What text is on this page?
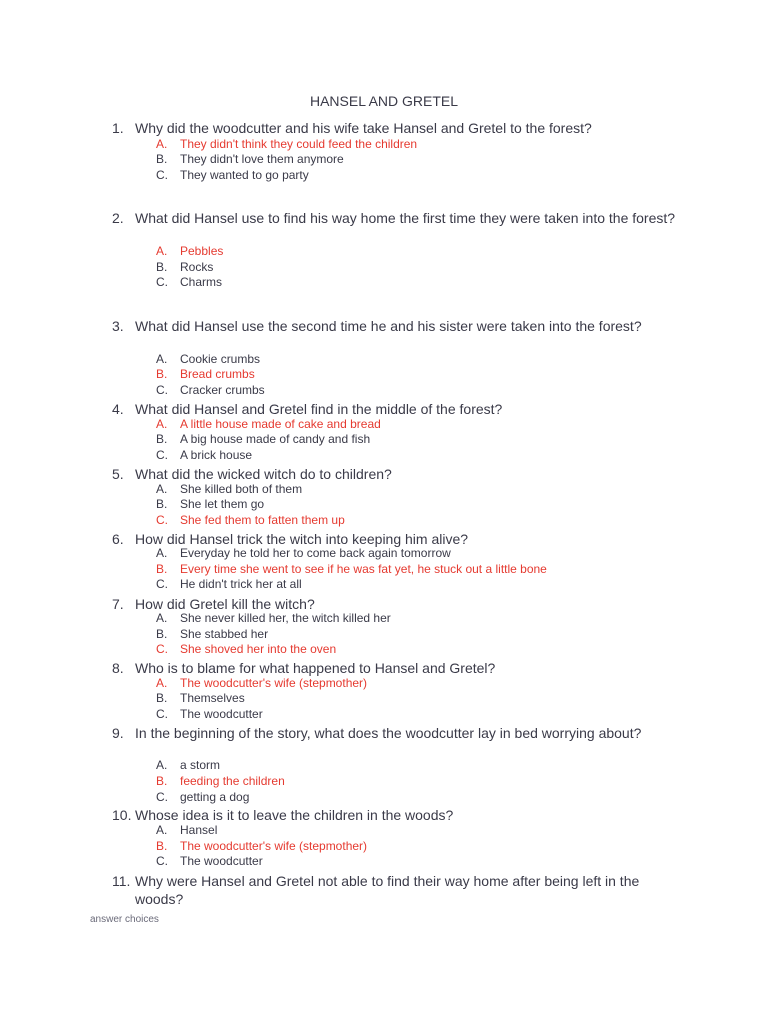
HANSEL AND GRETEL
1. Why did the woodcutter and his wife take Hansel and Gretel to the forest?
A. They didn't think they could feed the children
B. They didn't love them anymore
C. They wanted to go party
2. What did Hansel use to find his way home the first time they were taken into the forest?
A. Pebbles
B. Rocks
C. Charms
3. What did Hansel use the second time he and his sister were taken into the forest?
A. Cookie crumbs
B. Bread crumbs
C. Cracker crumbs
4. What did Hansel and Gretel find in the middle of the forest?
A. A little house made of cake and bread
B. A big house made of candy and fish
C. A brick house
5. What did the wicked witch do to children?
A. She killed both of them
B. She let them go
C. She fed them to fatten them up
6. How did Hansel trick the witch into keeping him alive?
A. Everyday he told her to come back again tomorrow
B. Every time she went to see if he was fat yet, he stuck out a little bone
C. He didn't trick her at all
7. How did Gretel kill the witch?
A. She never killed her, the witch killed her
B. She stabbed her
C. She shoved her into the oven
8. Who is to blame for what happened to Hansel and Gretel?
A. The woodcutter's wife (stepmother)
B. Themselves
C. The woodcutter
9. In the beginning of the story, what does the woodcutter lay in bed worrying about?
A. a storm
B. feeding the children
C. getting a dog
10. Whose idea is it to leave the children in the woods?
A. Hansel
B. The woodcutter's wife (stepmother)
C. The woodcutter
11. Why were Hansel and Gretel not able to find their way home after being left in the woods?
answer choices
